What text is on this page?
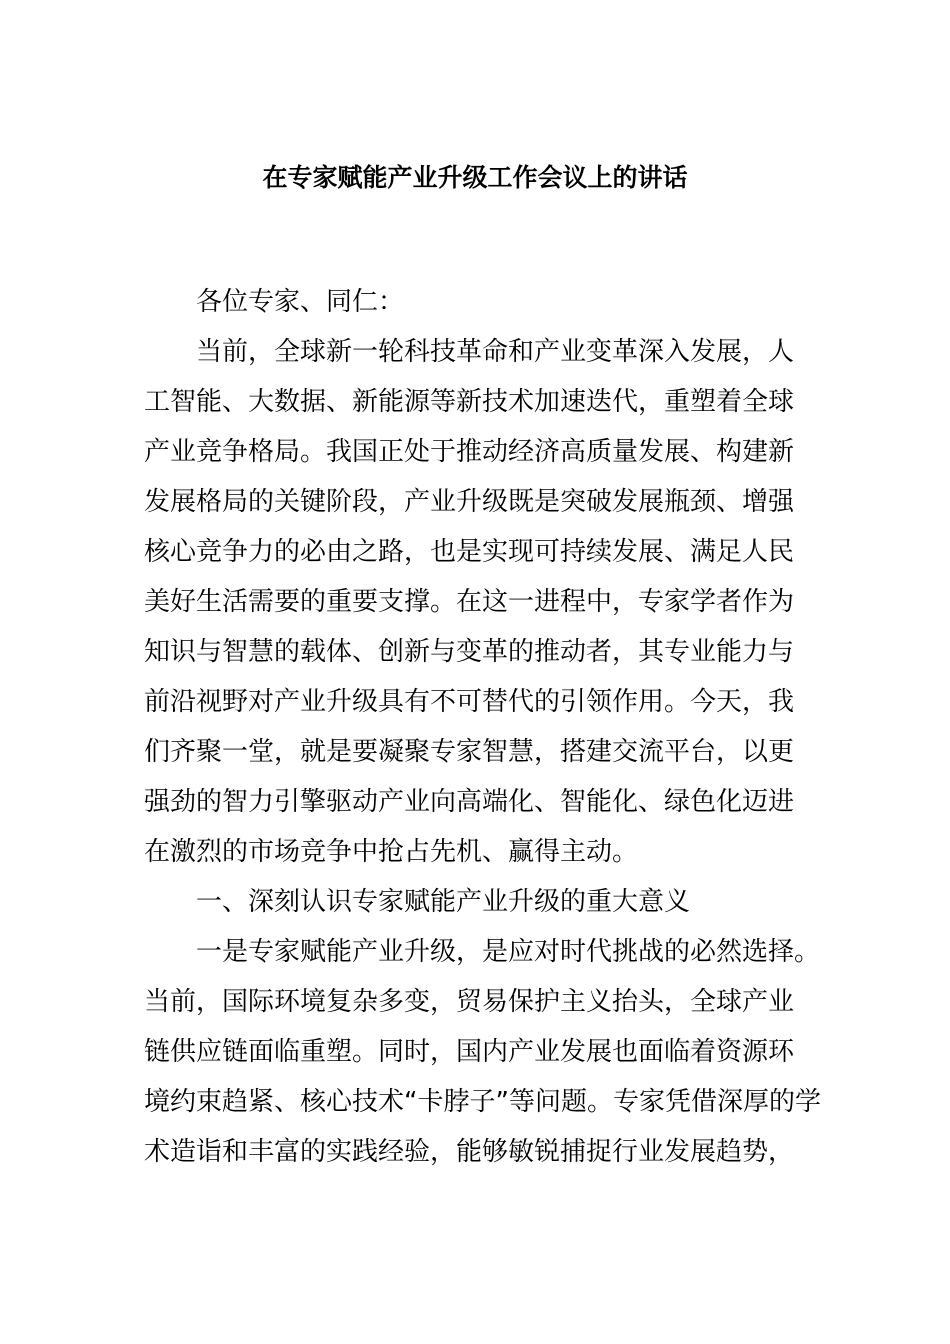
在专家赋能产业升级工作会议上的讲话

各位专家、同仁：

当前，全球新一轮科技革命和产业变革深入发展，人

工智能、大数据、新能源等新技术加速迭代，重塑着全球

产业竞争格局。我国正处于推动经济高质量发展、构建新

发展格局的关键阶段，产业升级既是突破发展瓶颈、增强

核心竞争力的必由之路，也是实现可持续发展、满足人民

美好生活需要的重要支撑。在这一进程中，专家学者作为

知识与智慧的载体、创新与变革的推动者，其专业能力与

前沿视野对产业升级具有不可替代的引领作用。今天，我

们齐聚一堂，就是要凝聚专家智慧，搭建交流平台，以更

强劲的智力引擎驱动产业向高端化、智能化、绿色化迈进

在激烈的市场竞争中抢占先机、赢得主动。

一、深刻认识专家赋能产业升级的重大意义

一是专家赋能产业升级，是应对时代挑战的必然选择。

当前，国际环境复杂多变，贸易保护主义抬头，全球产业

链供应链面临重塑。同时，国内产业发展也面临着资源环

境约束趋紧、核心技术“卡脖子”等问题。专家凭借深厚的学

术造诣和丰富的实践经验，能够敏锐捕捉行业发展趋势，
